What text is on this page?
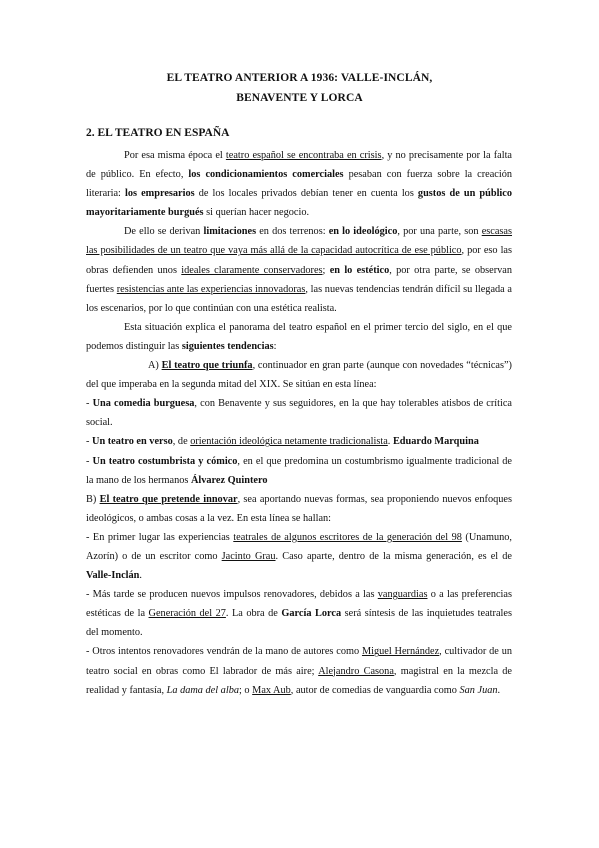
EL TEATRO ANTERIOR A 1936: VALLE-INCLÁN,
BENAVENTE Y LORCA
2. EL TEATRO EN ESPAÑA

Por esa misma época el teatro español se encontraba en crisis, y no precisamente por la falta de público. En efecto, los condicionamientos comerciales pesaban con fuerza sobre la creación literaria: los empresarios de los locales privados debían tener en cuenta los gustos de un público mayoritariamente burgués si querían hacer negocio.

De ello se derivan limitaciones en dos terrenos: en lo ideológico, por una parte, son escasas las posibilidades de un teatro que vaya más allá de la capacidad autocrítica de ese público, por eso las obras defienden unos ideales claramente conservadores; en lo estético, por otra parte, se observan fuertes resistencias ante las experiencias innovadoras, las nuevas tendencias tendrán difícil su llegada a los escenarios, por lo que continúan con una estética realista.

Esta situación explica el panorama del teatro español en el primer tercio del siglo, en el que podemos distinguir las siguientes tendencias:

A) El teatro que triunfa, continuador en gran parte (aunque con novedades “técnicas”) del que imperaba en la segunda mitad del XIX. Se sitúan en esta línea:

- Una comedia burguesa, con Benavente y sus seguidores, en la que hay tolerables atisbos de crítica social.

- Un teatro en verso, de orientación ideológica netamente tradicionalista. Eduardo Marquina

- Un teatro costumbrista y cómico, en el que predomina un costumbrismo igualmente tradicional de la mano de los hermanos Álvarez Quintero

B) El teatro que pretende innovar, sea aportando nuevas formas, sea proponiendo nuevos enfoques ideológicos, o ambas cosas a la vez. En esta línea se hallan:

- En primer lugar las experiencias teatrales de algunos escritores de la generación del 98 (Unamuno, Azorín) o de un escritor como Jacinto Grau. Caso aparte, dentro de la misma generación, es el de Valle-Inclán.

- Más tarde se producen nuevos impulsos renovadores, debidos a las vanguardias o a las preferencias estéticas de la Generación del 27. La obra de García Lorca será síntesis de las inquietudes teatrales del momento.

- Otros intentos renovadores vendrán de la mano de autores como Miguel Hernández, cultivador de un teatro social en obras como El labrador de más aire; Alejandro Casona, magistral en la mezcla de realidad y fantasía, La dama del alba; o Max Aub, autor de comedias de vanguardia como San Juan.
